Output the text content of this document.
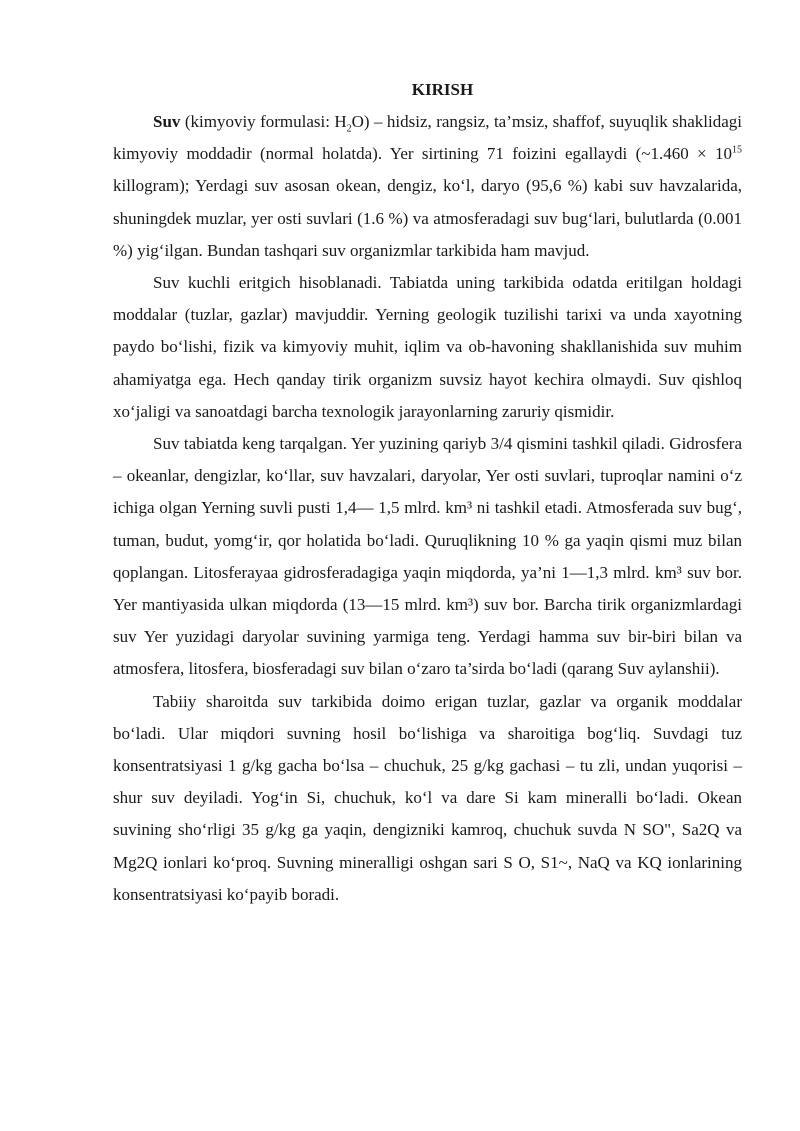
KIRISH

Suv (kimyoviy formulasi: $H_2O$) – hidsiz, rangsiz, ta’msiz, shaffof, suyuqlik shaklidagi kimyoviy moddadir (normal holatda). Yer sirtining 71 foizini egallaydi (~1.460 × $10^{15}$ killogram); Yerdagi suv asosan okean, dengiz, ko‘l, daryo (95,6 %) kabi suv havzalarida, shuningdek muzlar, yer osti suvlari (1.6 %) va atmosferadagi suv bug‘lari, bulutlarda (0.001 %) yig‘ilgan. Bundan tashqari suv organizmlar tarkibida ham mavjud.

Suv kuchli eritgich hisoblanadi. Tabiatda uning tarkibida odatda eritilgan holdagi moddalar (tuzlar, gazlar) mavjuddir. Yerning geologik tuzilishi tarixi va unda xayotning paydo bo‘lishi, fizik va kimyoviy muhit, iqlim va ob-havoning shakllanishida suv muhim ahamiyatga ega. Hech qanday tirik organizm suvsiz hayot kechira olmaydi. Suv qishloq xo‘jaligi va sanoatdagi barcha texnologik jarayonlarning zaruriy qismidir.

Suv tabiatda keng tarqalgan. Yer yuzining qariyb 3/4 qismini tashkil qiladi. Gidrosfera – okeanlar, dengizlar, ko‘llar, suv havzalari, daryolar, Yer osti suvlari, tuproqlar namini o‘z ichiga olgan Yerning suvli pusti 1,4— 1,5 mlrd. km³ ni tashkil etadi. Atmosferada suv bug‘, tuman, budut, yomg‘ir, qor holatida bo‘ladi. Quruqlikning 10 % ga yaqin qismi muz bilan qoplangan. Litosferayaa gidrosferadagiga yaqin miqdorda, ya’ni 1—1,3 mlrd. km³ suv bor. Yer mantiyasida ulkan miqdorda (13—15 mlrd. km³) suv bor. Barcha tirik organizmlardagi suv Yer yuzidagi daryolar suvining yarmiga teng. Yerdagi hamma suv bir-biri bilan va atmosfera, litosfera, biosferadagi suv bilan o‘zaro ta’sirda bo‘ladi (qarang Suv aylanshii).

Tabiiy sharoitda suv tarkibida doimo erigan tuzlar, gazlar va organik moddalar bo‘ladi. Ular miqdori suvning hosil bo‘lishiga va sharoitiga bog‘liq. Suvdagi tuz konsentratsiyasi 1 g/kg gacha bo‘lsa – chuchuk, 25 g/kg gachasi – tu zli, undan yuqorisi – shur suv deyiladi. Yog‘in Si, chuchuk, ko‘l va dare Si kam mineralli bo‘ladi. Okean suvining sho‘rligi 35 g/kg ga yaqin, dengizniki kamroq, chuchuk suvda N SO", Sa2Q va Mg2Q ionlari ko‘proq. Suvning mineralligi oshgan sari S O, S1~, NaQ va KQ ionlarining konsentratsiyasi ko‘payib boradi.
